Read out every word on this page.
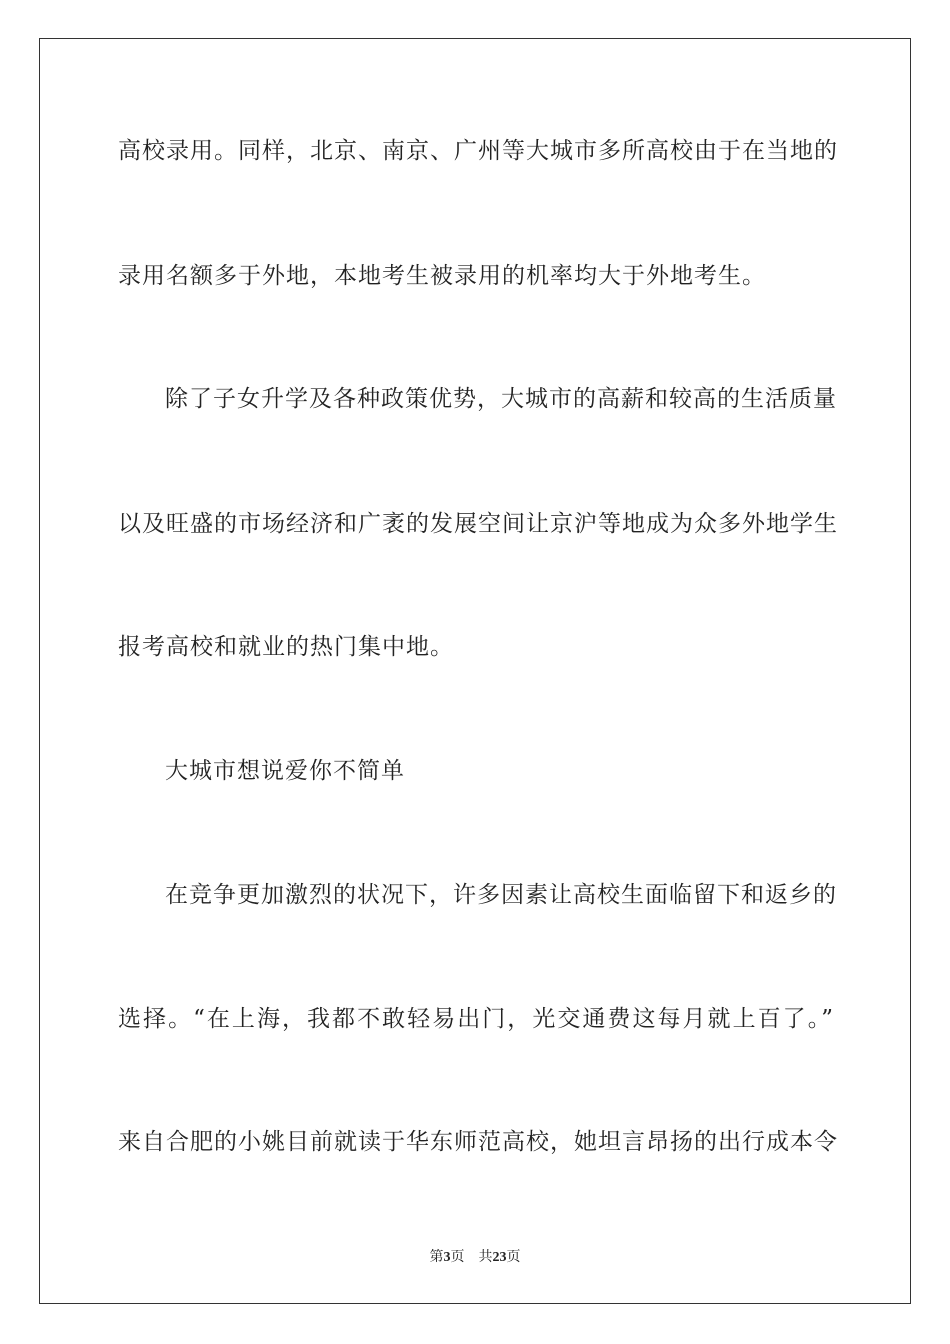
高校录用。同样，北京、南京、广州等大城市多所高校由于在当地的
录用名额多于外地，本地考生被录用的机率均大于外地考生。
除了子女升学及各种政策优势，大城市的高薪和较高的生活质量
以及旺盛的市场经济和广袤的发展空间让京沪等地成为众多外地学生
报考高校和就业的热门集中地。
大城市想说爱你不简单
在竞争更加激烈的状况下，许多因素让高校生面临留下和返乡的
选择。“在上海，我都不敢轻易出门，光交通费这每月就上百了。”
来自合肥的小姚目前就读于华东师范高校，她坦言昂扬的出行成本令
第3页 共23页
